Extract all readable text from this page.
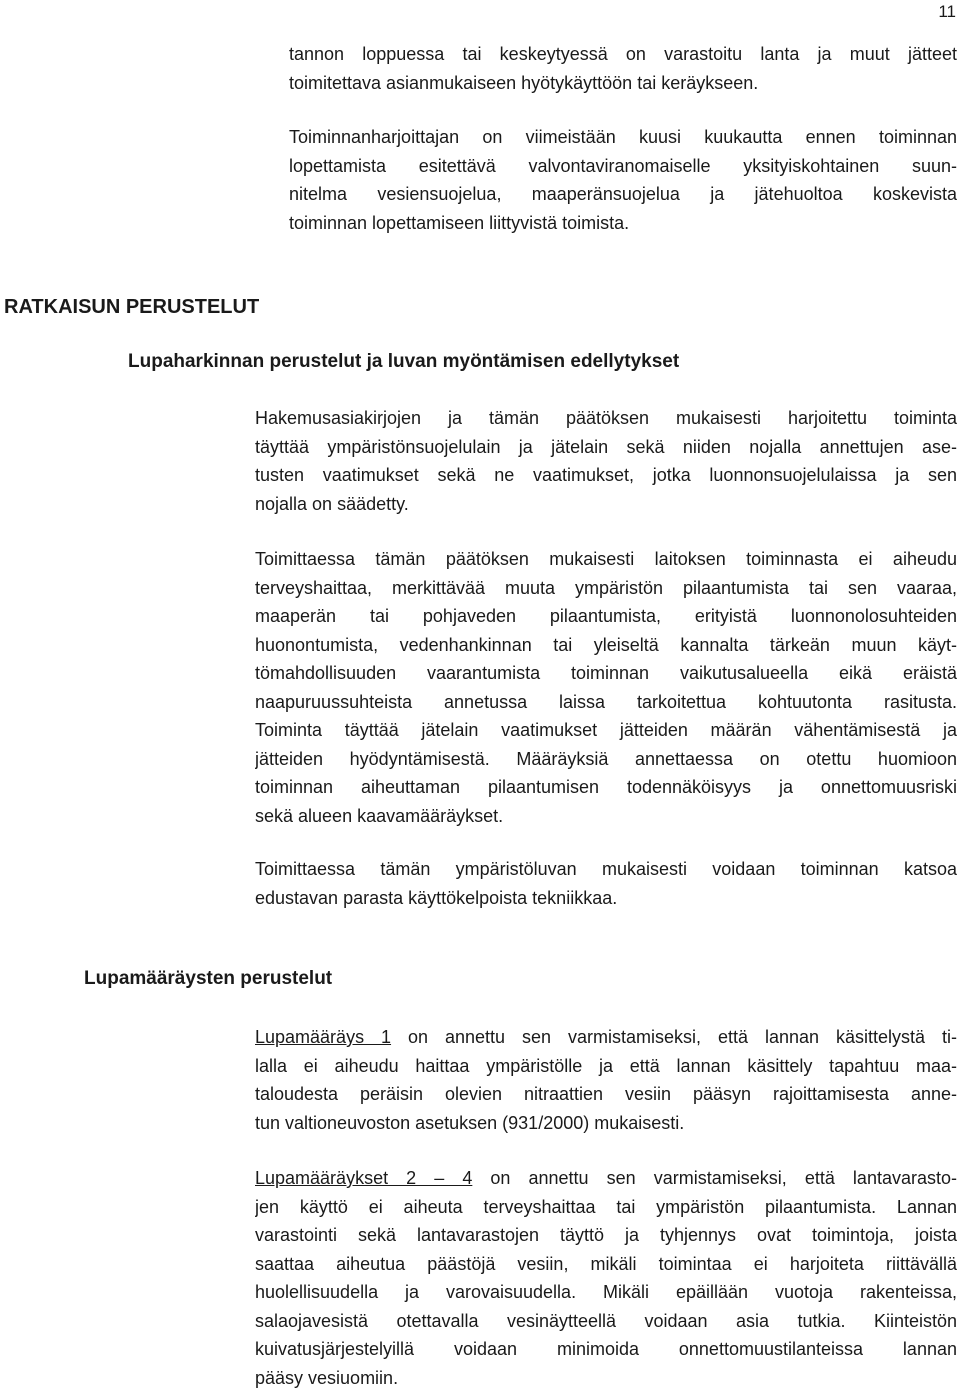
11
tannon loppuessa tai keskeytyessä on varastoitu lanta ja muut jätteet
toimitettava asianmukaiseen hyötykäyttöön tai keräykseen.
Toiminnanharjoittajan on viimeistään kuusi kuukautta ennen toiminnan
lopettamista esitettävä valvontaviranomaiselle yksityiskohtainen suun-
nitelma vesiensuojelua, maaperänsuojelua ja jätehuoltoa koskevista
toiminnan lopettamiseen liittyvistä toimista.
RATKAISUN PERUSTELUT
Lupaharkinnan perustelut ja luvan myöntämisen edellytykset
Hakemusasiakirjojen ja tämän päätöksen mukaisesti harjoitettu toiminta
täyttää ympäristönsuojelulain ja jätelain sekä niiden nojalla annettujen ase-
tusten vaatimukset sekä ne vaatimukset, jotka luonnonsuojelulaissa ja sen
nojalla on säädetty.
Toimittaessa tämän päätöksen mukaisesti laitoksen toiminnasta ei aiheudu
terveyshaittaa, merkittävää muuta ympäristön pilaantumista tai sen vaaraa,
maaperän tai pohjaveden pilaantumista, erityistä luonnonolosuhteiden
huonontumista, vedenhankinnan tai yleiseltä kannalta tärkeän muun käyt-
tömahdollisuuden vaarantumista toiminnan vaikutusalueella eikä eräistä
naapuruussuhteista annetussa laissa tarkoitettua kohtuutonta rasitusta.
Toiminta täyttää jätelain vaatimukset jätteiden määrän vähentämisestä ja
jätteiden hyödyntämisestä. Määräyksiä annettaessa on otettu huomioon
toiminnan aiheuttaman pilaantumisen todennäköisyys ja onnettomuusriski
sekä alueen kaavamääräykset.
Toimittaessa tämän ympäristöluvan mukaisesti voidaan toiminnan katsoa
edustavan parasta käyttökelpoista tekniikkaa.
Lupamääräysten perustelut
Lupamääräys 1 on annettu sen varmistamiseksi, että lannan käsittelystä ti-
lalla ei aiheudu haittaa ympäristölle ja että lannan käsittely tapahtuu maa-
taloudesta peräisin olevien nitraattien vesiin pääsyn rajoittamisesta anne-
tun valtioneuvoston asetuksen (931/2000) mukaisesti.
Lupamääräykset 2 – 4 on annettu sen varmistamiseksi, että lantavarasto-
jen käyttö ei aiheuta terveyshaittaa tai ympäristön pilaantumista. Lannan
varastointi sekä lantavarastojen täyttö ja tyhjennys ovat toimintoja, joista
saattaa aiheutua päästöjä vesiin, mikäli toimintaa ei harjoiteta riittävällä
huolellisuudella ja varovaisuudella. Mikäli epäillään vuotoja rakenteissa,
salaojavesistä otettavalla vesinäytteellä voidaan asia tutkia. Kiinteistön
kuivatusjärjestelyillä voidaan minimoida onnettomuustilanteissa lannan
pääsy vesiuomiin.
